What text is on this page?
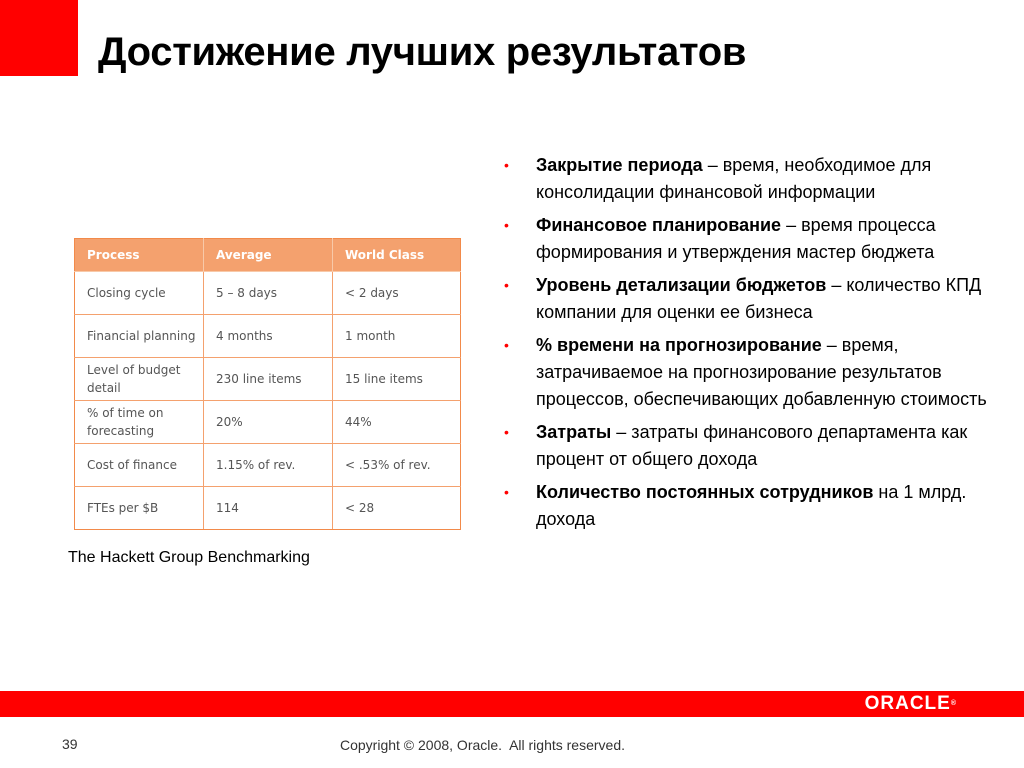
Достижение лучших результатов
Process	Average	World Class
Closing cycle	5 – 8 days	< 2 days
Financial planning	4 months	1 month
Level of budget detail	230 line items	15 line items
% of time on forecasting	20%	44%
Cost of finance	1.15% of rev.	< .53% of rev.
FTEs per $B	114	< 28
The Hackett Group Benchmarking
• Закрытие периода – время, необходимое для консолидации финансовой информации
• Финансовое планирование – время процесса формирования и утверждения мастер бюджета
• Уровень детализации бюджетов – количество КПД компании для оценки ее бизнеса
• % времени на прогнозирование – время, затрачиваемое на прогнозирование результатов процессов, обеспечивающих добавленную стоимость
• Затраты – затраты финансового департамента как процент от общего дохода
• Количество постоянных сотрудников на 1 млрд. дохода
ORACLE®
39	Copyright © 2008, Oracle.  All rights reserved.
